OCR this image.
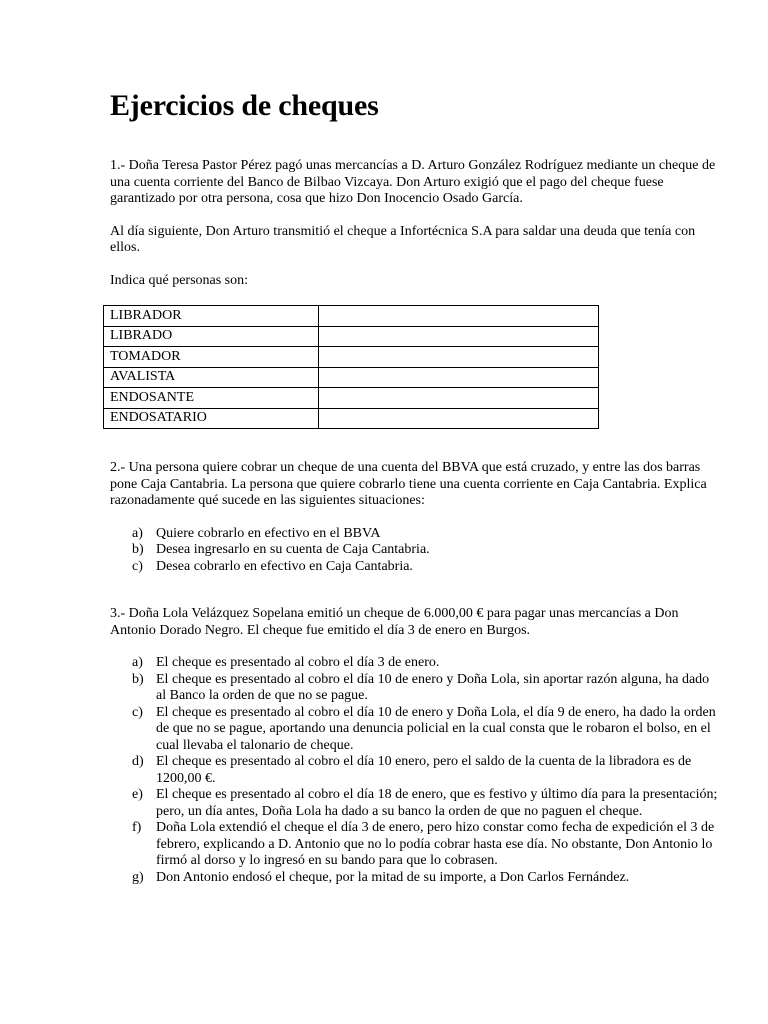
Ejercicios de cheques

1.- Doña Teresa Pastor Pérez pagó unas mercancías a D. Arturo González Rodríguez mediante un cheque de una cuenta corriente del Banco de Bilbao Vizcaya. Don Arturo exigió que el pago del cheque fuese garantizado por otra persona, cosa que hizo Don Inocencio Osado García.

Al día siguiente, Don Arturo transmitió el cheque a Infortécnica S.A para saldar una deuda que tenía con ellos.

Indica qué personas son:

LIBRADOR	
LIBRADO	
TOMADOR	
AVALISTA	
ENDOSANTE	
ENDOSATARIO	

2.- Una persona quiere cobrar un cheque de una cuenta del BBVA que está cruzado, y entre las dos barras pone Caja Cantabria. La persona que quiere cobrarlo tiene una cuenta corriente en Caja Cantabria. Explica razonadamente qué sucede en las siguientes situaciones:

a) Quiere cobrarlo en efectivo en el BBVA
b) Desea ingresarlo en su cuenta de Caja Cantabria.
c) Desea cobrarlo en efectivo en Caja Cantabria.

3.- Doña Lola Velázquez Sopelana emitió un cheque de 6.000,00 € para pagar unas mercancías a Don Antonio Dorado Negro. El cheque fue emitido el día 3 de enero en Burgos.

a) El cheque es presentado al cobro el día 3 de enero.
b) El cheque es presentado al cobro el día 10 de enero y Doña Lola, sin aportar razón alguna, ha dado al Banco la orden de que no se pague.
c) El cheque es presentado al cobro el día 10 de enero y Doña Lola, el día 9 de enero, ha dado la orden de que no se pague, aportando una denuncia policial en la cual consta que le robaron el bolso, en el cual llevaba el talonario de cheque.
d) El cheque es presentado al cobro el día 10 enero, pero el saldo de la cuenta de la libradora es de 1200,00 €.
e) El cheque es presentado al cobro el día 18 de enero, que es festivo y último día para la presentación; pero, un día antes, Doña Lola ha dado a su banco la orden de que no paguen el cheque.
f) Doña Lola extendió el cheque el día 3 de enero, pero hizo constar como fecha de expedición el 3 de febrero, explicando a D. Antonio que no lo podía cobrar hasta ese día. No obstante, Don Antonio lo firmó al dorso y lo ingresó en su bando para que lo cobrasen.
g) Don Antonio endosó el cheque, por la mitad de su importe, a Don Carlos Fernández.
